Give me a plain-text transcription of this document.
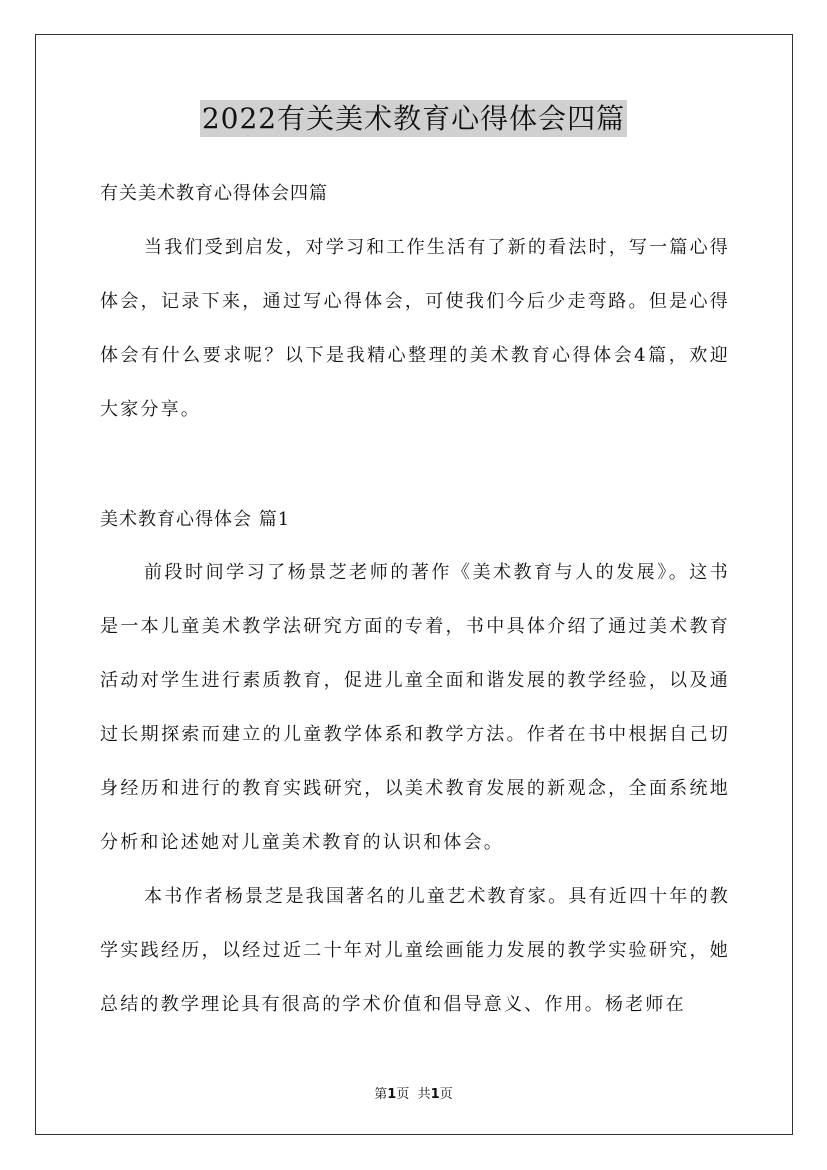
2022有关美术教育心得体会四篇
有关美术教育心得体会四篇
当我们受到启发，对学习和工作生活有了新的看法时，写一篇心得体会，记录下来，通过写心得体会，可使我们今后少走弯路。但是心得体会有什么要求呢？以下是我精心整理的美术教育心得体会4篇，欢迎大家分享。
美术教育心得体会 篇1
前段时间学习了杨景芝老师的著作《美术教育与人的发展》。这书是一本儿童美术教学法研究方面的专着，书中具体介绍了通过美术教育活动对学生进行素质教育，促进儿童全面和谐发展的教学经验，以及通过长期探索而建立的儿童教学体系和教学方法。作者在书中根据自己切身经历和进行的教育实践研究，以美术教育发展的新观念，全面系统地分析和论述她对儿童美术教育的认识和体会。
本书作者杨景芝是我国著名的儿童艺术教育家。具有近四十年的教学实践经历，以经过近二十年对儿童绘画能力发展的教学实验研究，她总结的教学理论具有很高的学术价值和倡导意义、作用。杨老师在
第1页 共1页
